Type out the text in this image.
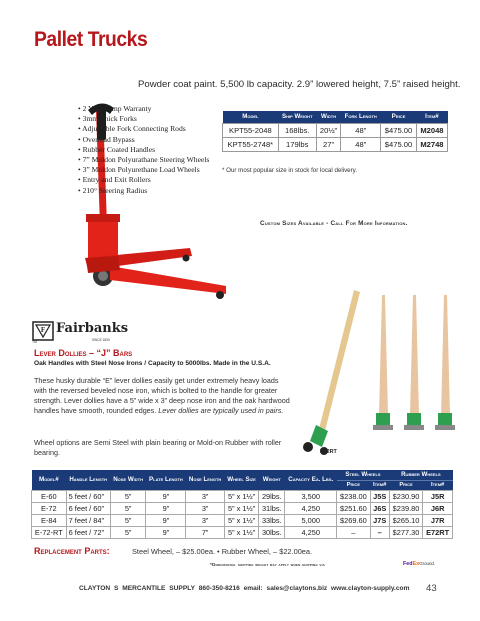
Pallet Trucks
Powder coat paint. 5,500 lb capacity. 2.9” lowered height, 7.5” raised height.
• 2 Year Pump Warranty
• 3mm Thick Forks
• Adjustable Fork Connecting Rods
• Overload Bypass
• Rubber Coated Handles
• 7” Moldon Polyurathane Steering Wheels
• 3” Moldon Polyurethane Load Wheels
• Entry and Exit Rollers
• 210° Steering Radius
Model	Ship Weight	Width	Fork Length	Price	Item#
KPT55-2048	168lbs.	20½”	48”	$475.00	M2048
KPT55-2748*	179lbs	27”	48”	$475.00	M2748
* Our most popular size in stock for local delivery.
Custom Sizes Available - Call For More Information.
F
TM
Fairbanks
SINCE 1830
Lever Dollies – “J” Bars
Oak Handles with Steel Nose Irons / Capacity to 5000lbs. Made in the U.S.A.
These husky durable “E” lever dollies easily get under extremely heavy loads with the reversed beveled nose iron, which is bolted to the handle for greater strength. Lever dollies have a 5” wide x 3” deep nose iron and the oak hardwood handles have smooth, rounded edges. Lever dollies are typically used in pairs.
Wheel options are Semi Steel with plain bearing or Mold-on Rubber with roller bearing.	E72RT
Model#	Handle Length	Nose Width	Plate Length	Nose Length	Wheel Size	Weight	Capacity Ea. Lbs.	Steel Wheels		Rubber Wheels	
								Price	Item#	Price	Item#
E-60	5 feet / 60”	5”	9”	3”	5” x 1½”	29lbs.	3,500	$238.00	J5S	$230.90	J5R
E-72	6 feet / 60”	5”	9”	3”	5” x 1½”	31lbs.	4,250	$251.60	J6S	$239.80	J6R
E-84	7 feet / 84”	5”	9”	3”	5” x 1½”	33lbs.	5,000	$269.60	J7S	$265.10	J7R
E-72-RT	6 feet / 72”	5”	9”	7”	5” x 1½”	30lbs.	4,250	–	–	$277.30	E72RT
Replacement Parts:	Steel Wheel, – $25.00ea. • Rubber Wheel, – $22.00ea.
*Dimensional shipping weight may apply when shipping via	FedExGround.
CLAYTON S MERCANTILE SUPPLY 860-350-8216 email: sales@claytons.biz www.clayton-supply.com 43
